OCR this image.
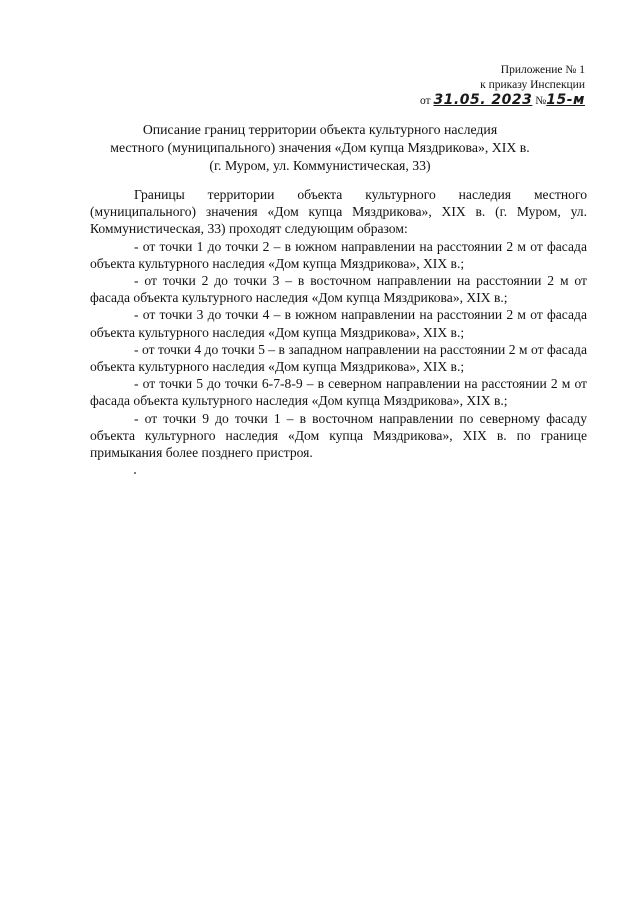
Приложение № 1
к приказу Инспекции
от 31.05. 2023 №15-м
Описание границ территории объекта культурного наследия
местного (муниципального) значения «Дом купца Мяздрикова», XIX в.
(г. Муром, ул. Коммунистическая, 33)

Границы территории объекта культурного наследия местного (муниципального) значения «Дом купца Мяздрикова», XIX в. (г. Муром, ул. Коммунистическая, 33) проходят следующим образом:

- от точки 1 до точки 2 – в южном направлении на расстоянии 2 м от фасада объекта культурного наследия «Дом купца Мяздрикова», XIX в.;

- от точки 2 до точки 3 – в восточном направлении на расстоянии 2 м от фасада объекта культурного наследия «Дом купца Мяздрикова», XIX в.;

- от точки 3 до точки 4 – в южном направлении на расстоянии 2 м от фасада объекта культурного наследия «Дом купца Мяздрикова», XIX в.;

- от точки 4 до точки 5 – в западном направлении на расстоянии 2 м от фасада объекта культурного наследия «Дом купца Мяздрикова», XIX в.;

- от точки 5 до точки 6-7-8-9 – в северном направлении на расстоянии 2 м от фасада объекта культурного наследия «Дом купца Мяздрикова», XIX в.;

- от точки 9 до точки 1 – в восточном направлении по северному фасаду объекта культурного наследия «Дом купца Мяздрикова», XIX в. по границе примыкания более позднего пристроя.
